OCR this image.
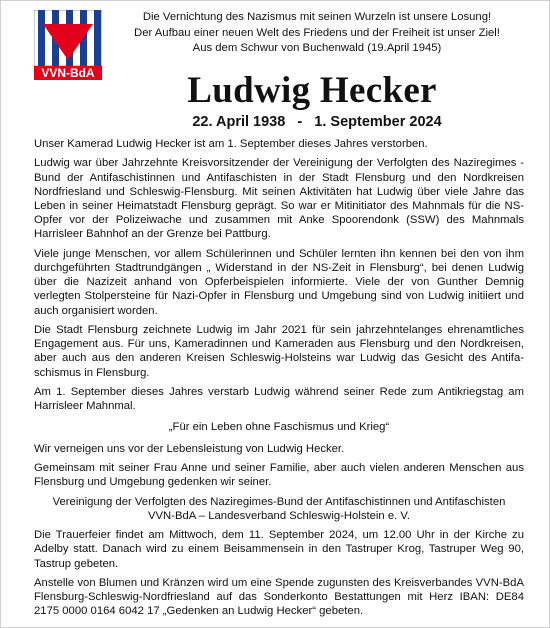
VVN-BdA
Die Vernichtung des Nazismus mit seinen Wurzeln ist unsere Losung!
Der Aufbau einer neuen Welt des Friedens und der Freiheit ist unser Ziel!
Aus dem Schwur von Buchenwald (19.April 1945)
Ludwig Hecker
22. April 1938   -   1. September 2024

Unser Kamerad Ludwig Hecker ist am 1. September dieses Jahres verstorben.

Ludwig war über Jahrzehnte Kreisvorsitzender der Vereinigung der Verfolgten des Naziregimes - Bund der Antifaschistinnen und Antifaschisten in der Stadt Flensburg und den Nordkreisen Nordfriesland und Schleswig-Flensburg. Mit seinen Aktivitäten hat Ludwig über viele Jahre das Leben in seiner Heimatstadt Flensburg geprägt. So war er Mitinitiator des Mahnmals für die NS-Opfer vor der Polizeiwache und zusammen mit Anke Spoorendonk (SSW) des Mahnmals Harrisleer Bahnhof an der Grenze bei Pattburg.

Viele junge Menschen, vor allem Schülerinnen und Schüler lernten ihn kennen bei den von ihm durchgeführten Stadtrundgängen „ Widerstand in der NS-Zeit in Flensburg“, bei denen Ludwig über die Nazizeit anhand von Opferbeispielen informierte. Viele der von Gunther Demnig verlegten Stolpersteine für Nazi-Opfer in Flensburg und Umgebung sind von Ludwig initiiert und auch organisiert worden.

Die Stadt Flensburg zeichnete Ludwig im Jahr 2021 für sein jahrzehntelanges ehrenamtliches Engagement aus. Für uns, Kameradinnen und Kameraden aus Flensburg und den Nordkreisen, aber auch aus den anderen Kreisen Schleswig-Holsteins war Ludwig das Gesicht des Antifa-schismus in Flensburg.

Am 1. September dieses Jahres verstarb Ludwig während seiner Rede zum Antikriegstag am Harrisleer Mahnmal.

„Für ein Leben ohne Faschismus und Krieg“

Wir verneigen uns vor der Lebensleistung von Ludwig Hecker.

Gemeinsam mit seiner Frau Anne und seiner Familie, aber auch vielen anderen Menschen aus Flensburg und Umgebung gedenken wir seiner.

Vereinigung der Verfolgten des Naziregimes-Bund der Antifaschistinnen und Antifaschisten

VVN-BdA – Landesverband Schleswig-Holstein e. V.

Die Trauerfeier findet am Mittwoch, dem 11. September 2024, um 12.00 Uhr in der Kirche zu Adelby statt. Danach wird zu einem Beisammensein in den Tastruper Krog, Tastruper Weg 90, Tastrup gebeten.

Anstelle von Blumen und Kränzen wird um eine Spende zugunsten des Kreisverbandes VVN-BdA Flensburg-Schleswig-Nordfriesland auf das Sonderkonto Bestattungen mit Herz IBAN: DE84 2175 0000 0164 6042 17 „Gedenken an Ludwig Hecker“ gebeten.
